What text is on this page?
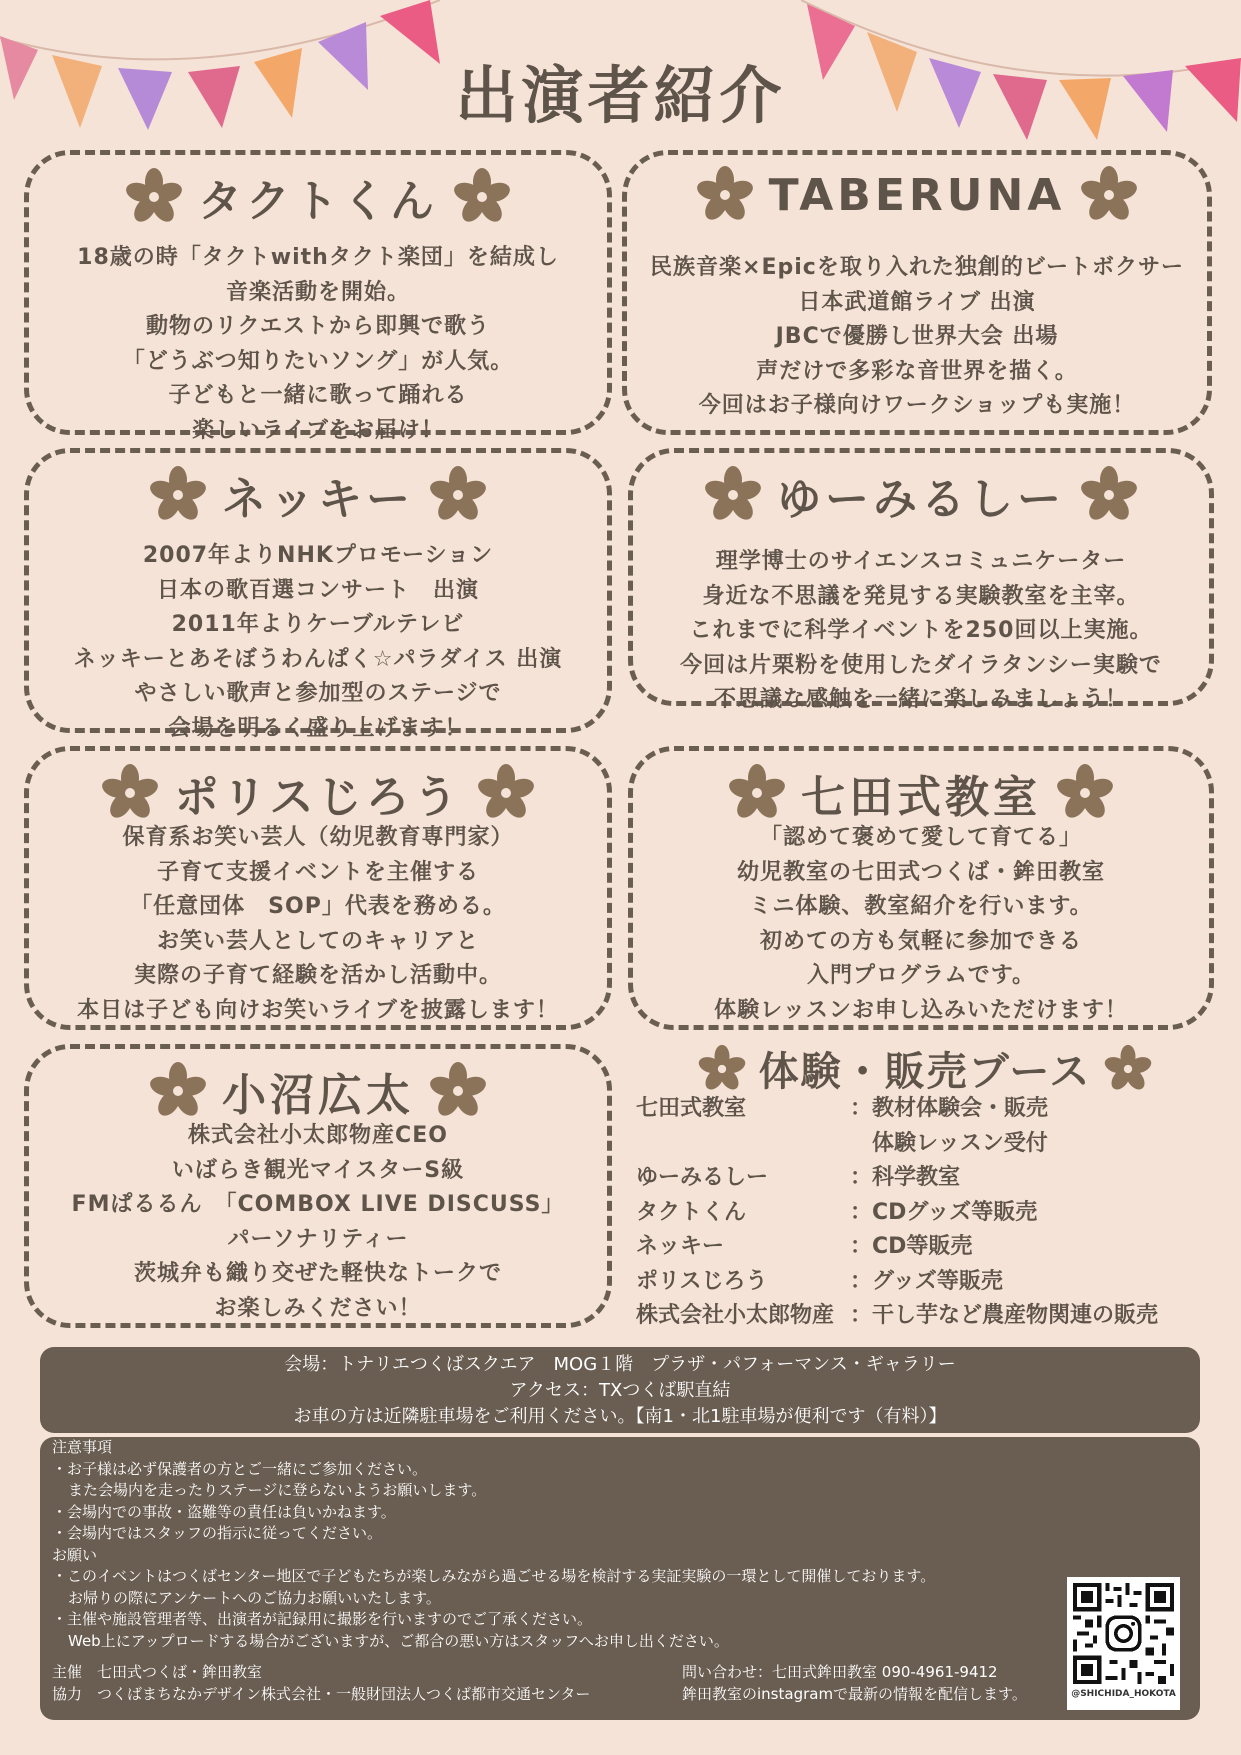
出演者紹介
タクトくん
18歳の時「タクトwithタクト楽団」を結成し
音楽活動を開始。
動物のリクエストから即興で歌う
「どうぶつ知りたいソング」が人気。
子どもと一緒に歌って踊れる
楽しいライブをお届け！
TABERUNA
民族音楽×Epicを取り入れた独創的ビートボクサー
日本武道館ライブ 出演
JBCで優勝し世界大会 出場
声だけで多彩な音世界を描く。
今回はお子様向けワークショップも実施！
ネッキー
2007年よりNHKプロモーション
日本の歌百選コンサート　出演
2011年よりケーブルテレビ
ネッキーとあそぼうわんぱく☆パラダイス 出演
やさしい歌声と参加型のステージで
会場を明るく盛り上げます！
ゆーみるしー
理学博士のサイエンスコミュニケーター
身近な不思議を発見する実験教室を主宰。
これまでに科学イベントを250回以上実施。
今回は片栗粉を使用したダイラタンシー実験で
不思議な感触を一緒に楽しみましょう！
ポリスじろう
保育系お笑い芸人（幼児教育専門家）
子育て支援イベントを主催する
「任意団体　SOP」代表を務める。
お笑い芸人としてのキャリアと
実際の子育て経験を活かし活動中。
本日は子ども向けお笑いライブを披露します！
七田式教室
「認めて褒めて愛して育てる」
幼児教室の七田式つくば・鉾田教室
ミニ体験、教室紹介を行います。
初めての方も気軽に参加できる
入門プログラムです。
体験レッスンお申し込みいただけます！
小沼広太
株式会社小太郎物産CEO
いばらき観光マイスターS級
FMぱるるん　「COMBOX LIVE DISCUSS」
パーソナリティー
茨城弁も織り交ぜた軽快なトークで
お楽しみください！
体験・販売ブース
七田式教室	： 教材体験会・販売
体験レッスン受付
ゆーみるしー	： 科学教室
タクトくん	： CDグッズ等販売
ネッキー	： CD等販売
ポリスじろう	： グッズ等販売
株式会社小太郎物産 ： 干し芋など農産物関連の販売
会場：トナリエつくばスクエア　MOG１階　プラザ・パフォーマンス・ギャラリー
アクセス：TXつくば駅直結
お車の方は近隣駐車場をご利用ください。【南1・北1駐車場が便利です（有料）】
注意事項
・お子様は必ず保護者の方とご一緒にご参加ください。
また会場内を走ったりステージに登らないようお願いします。
・会場内での事故・盗難等の責任は負いかねます。
・会場内ではスタッフの指示に従ってください。
お願い
・このイベントはつくばセンター地区で子どもたちが楽しみながら過ごせる場を検討する実証実験の一環として開催しております。
お帰りの際にアンケートへのご協力お願いいたします。
・主催や施設管理者等、出演者が記録用に撮影を行いますのでご了承ください。
Web上にアップロードする場合がございますが、ご都合の悪い方はスタッフへお申し出ください。
主催　七田式つくば・鉾田教室
協力　つくばまちなかデザイン株式会社・一般財団法人つくば都市交通センター
問い合わせ：七田式鉾田教室 090-4961-9412
鉾田教室のinstagramで最新の情報を配信します。	@SHICHIDA_HOKOTA
